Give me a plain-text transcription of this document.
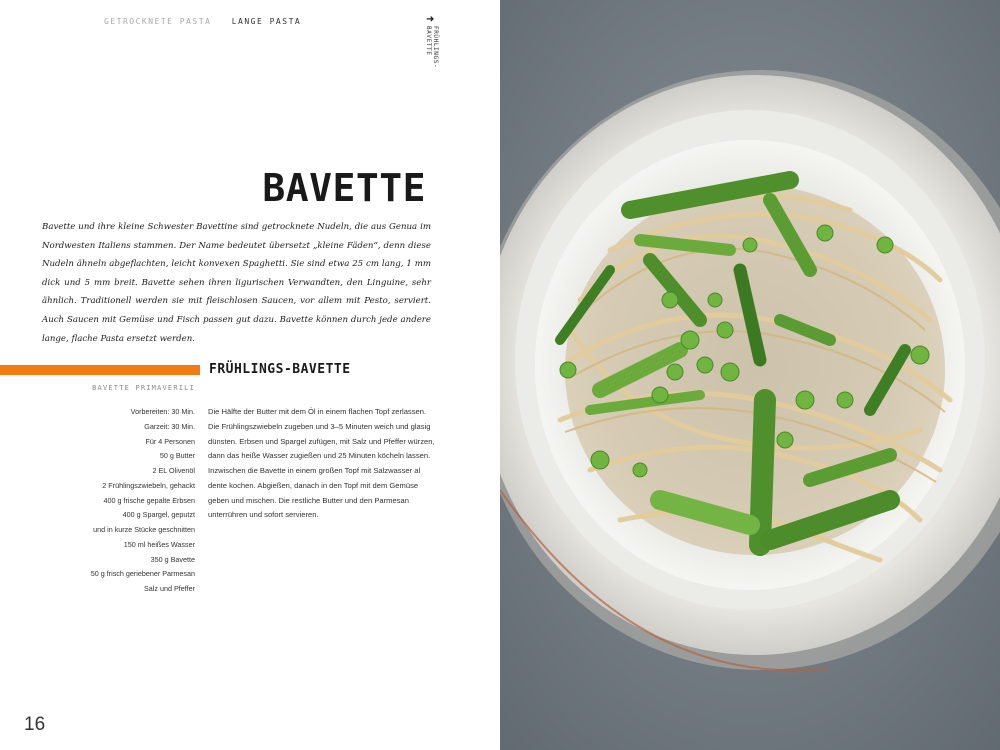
GETROCKNETE PASTA	LANGE PASTA	➜
FRÜHLINGS-BAVETTE
BAVETTE

Bavette und ihre kleine Schwester Bavettine sind getrocknete Nudeln, die aus Genua im Nordwesten Italiens stammen. Der Name bedeutet übersetzt „kleine Fäden“, denn diese Nudeln ähneln abgeflachten, leicht konvexen Spaghetti. Sie sind etwa 25 cm lang, 1 mm dick und 5 mm breit. Bavette sehen ihren ligurischen Verwandten, den Linguine, sehr ähnlich. Traditionell werden sie mit fleischlosen Saucen, vor allem mit Pesto, serviert. Auch Saucen mit Gemüse und Fisch passen gut dazu. Bavette können durch jede andere lange, flache Pasta ersetzt werden.

BAVETTE PRIMAVERILI
FRÜHLINGS-BAVETTE
Vorbereiten: 30 Min.
Garzeit: 30 Min.
Für 4 Personen
50 g Butter
2 EL Olivenöl
2 Frühlingszwiebeln, gehackt
400 g frische gepalte Erbsen
400 g Spargel, geputzt
und in kurze Stücke geschnitten
150 ml heißes Wasser
350 g Bavette
50 g frisch geriebener Parmesan
Salz und Pfeffer

Die Hälfte der Butter mit dem Öl in einem flachen Topf zerlassen. Die Frühlingszwiebeln zugeben und 3–5 Minuten weich und glasig dünsten. Erbsen und Spargel zufügen, mit Salz und Pfeffer würzen, dann das heiße Wasser zugießen und 25 Minuten köcheln lassen. Inzwischen die Bavette in einem großen Topf mit Salzwasser al dente kochen. Abgießen, danach in den Topf mit dem Gemüse geben und mischen. Die restliche Butter und den Parmesan unterrühren und sofort servieren.

16
